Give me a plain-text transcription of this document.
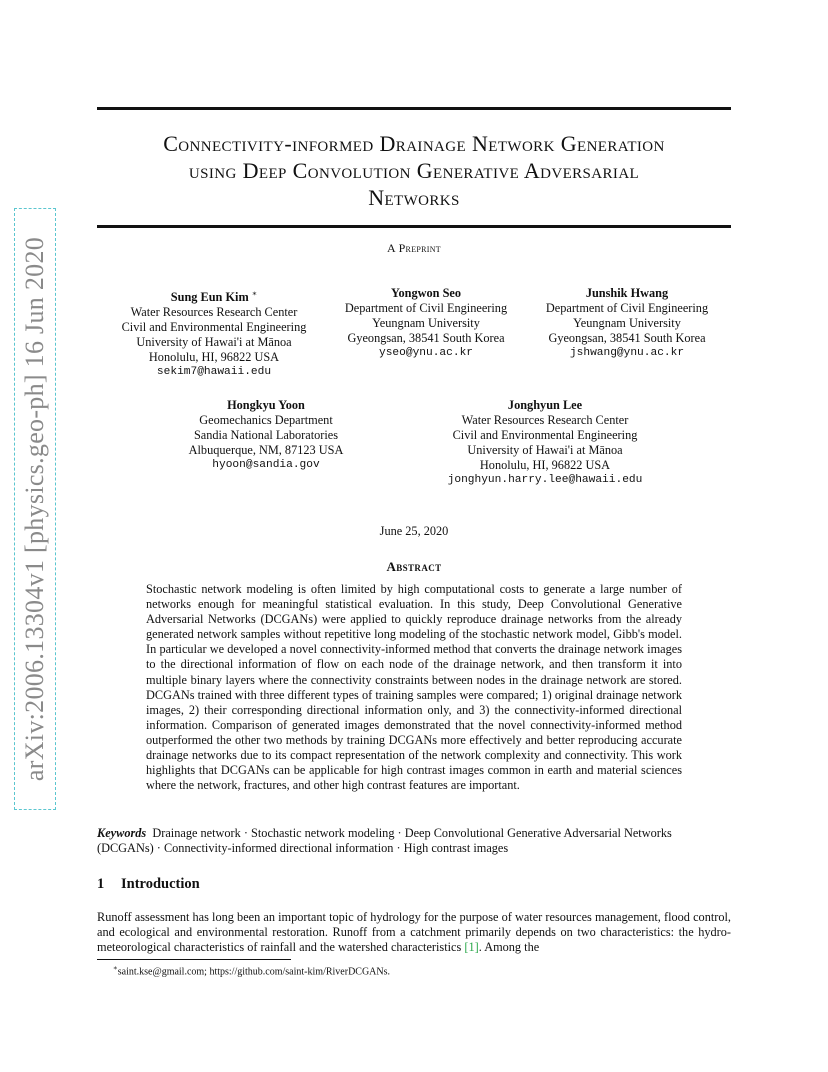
arXiv:2006.13304v1 [physics.geo-ph] 16 Jun 2020
Connectivity-informed Drainage Network Generation
using Deep Convolution Generative Adversarial
Networks
A Preprint
Sung Eun Kim ∗
Water Resources Research Center
Civil and Environmental Engineering
University of Hawai'i at Mānoa
Honolulu, HI, 96822 USA
sekim7@hawaii.edu
Yongwon Seo
Department of Civil Engineering
Yeungnam University
Gyeongsan, 38541 South Korea
yseo@ynu.ac.kr
Junshik Hwang
Department of Civil Engineering
Yeungnam University
Gyeongsan, 38541 South Korea
jshwang@ynu.ac.kr
Hongkyu Yoon
Geomechanics Department
Sandia National Laboratories
Albuquerque, NM, 87123 USA
hyoon@sandia.gov
Jonghyun Lee
Water Resources Research Center
Civil and Environmental Engineering
University of Hawai'i at Mānoa
Honolulu, HI, 96822 USA
jonghyun.harry.lee@hawaii.edu
June 25, 2020
Abstract
Stochastic network modeling is often limited by high computational costs to generate a large number of networks enough for meaningful statistical evaluation. In this study, Deep Convolutional Generative Adversarial Networks (DCGANs) were applied to quickly reproduce drainage networks from the already generated network samples without repetitive long modeling of the stochastic network model, Gibb's model. In particular we developed a novel connectivity-informed method that converts the drainage network images to the directional information of flow on each node of the drainage network, and then transform it into multiple binary layers where the connectivity constraints between nodes in the drainage network are stored. DCGANs trained with three different types of training samples were compared; 1) original drainage network images, 2) their corresponding directional information only, and 3) the connectivity-informed directional information. Comparison of generated images demonstrated that the novel connectivity-informed method outperformed the other two methods by training DCGANs more effectively and better reproducing accurate drainage networks due to its compact representation of the network complexity and connectivity. This work highlights that DCGANs can be applicable for high contrast images common in earth and material sciences where the network, fractures, and other high contrast features are important.
Keywords Drainage network · Stochastic network modeling · Deep Convolutional Generative Adversarial Networks (DCGANs) · Connectivity-informed directional information · High contrast images
1 Introduction
Runoff assessment has long been an important topic of hydrology for the purpose of water resources management, flood control, and ecological and environmental restoration. Runoff from a catchment primarily depends on two characteristics: the hydro-meteorological characteristics of rainfall and the watershed characteristics [1]. Among the
∗saint.kse@gmail.com; https://github.com/saint-kim/RiverDCGANs.
